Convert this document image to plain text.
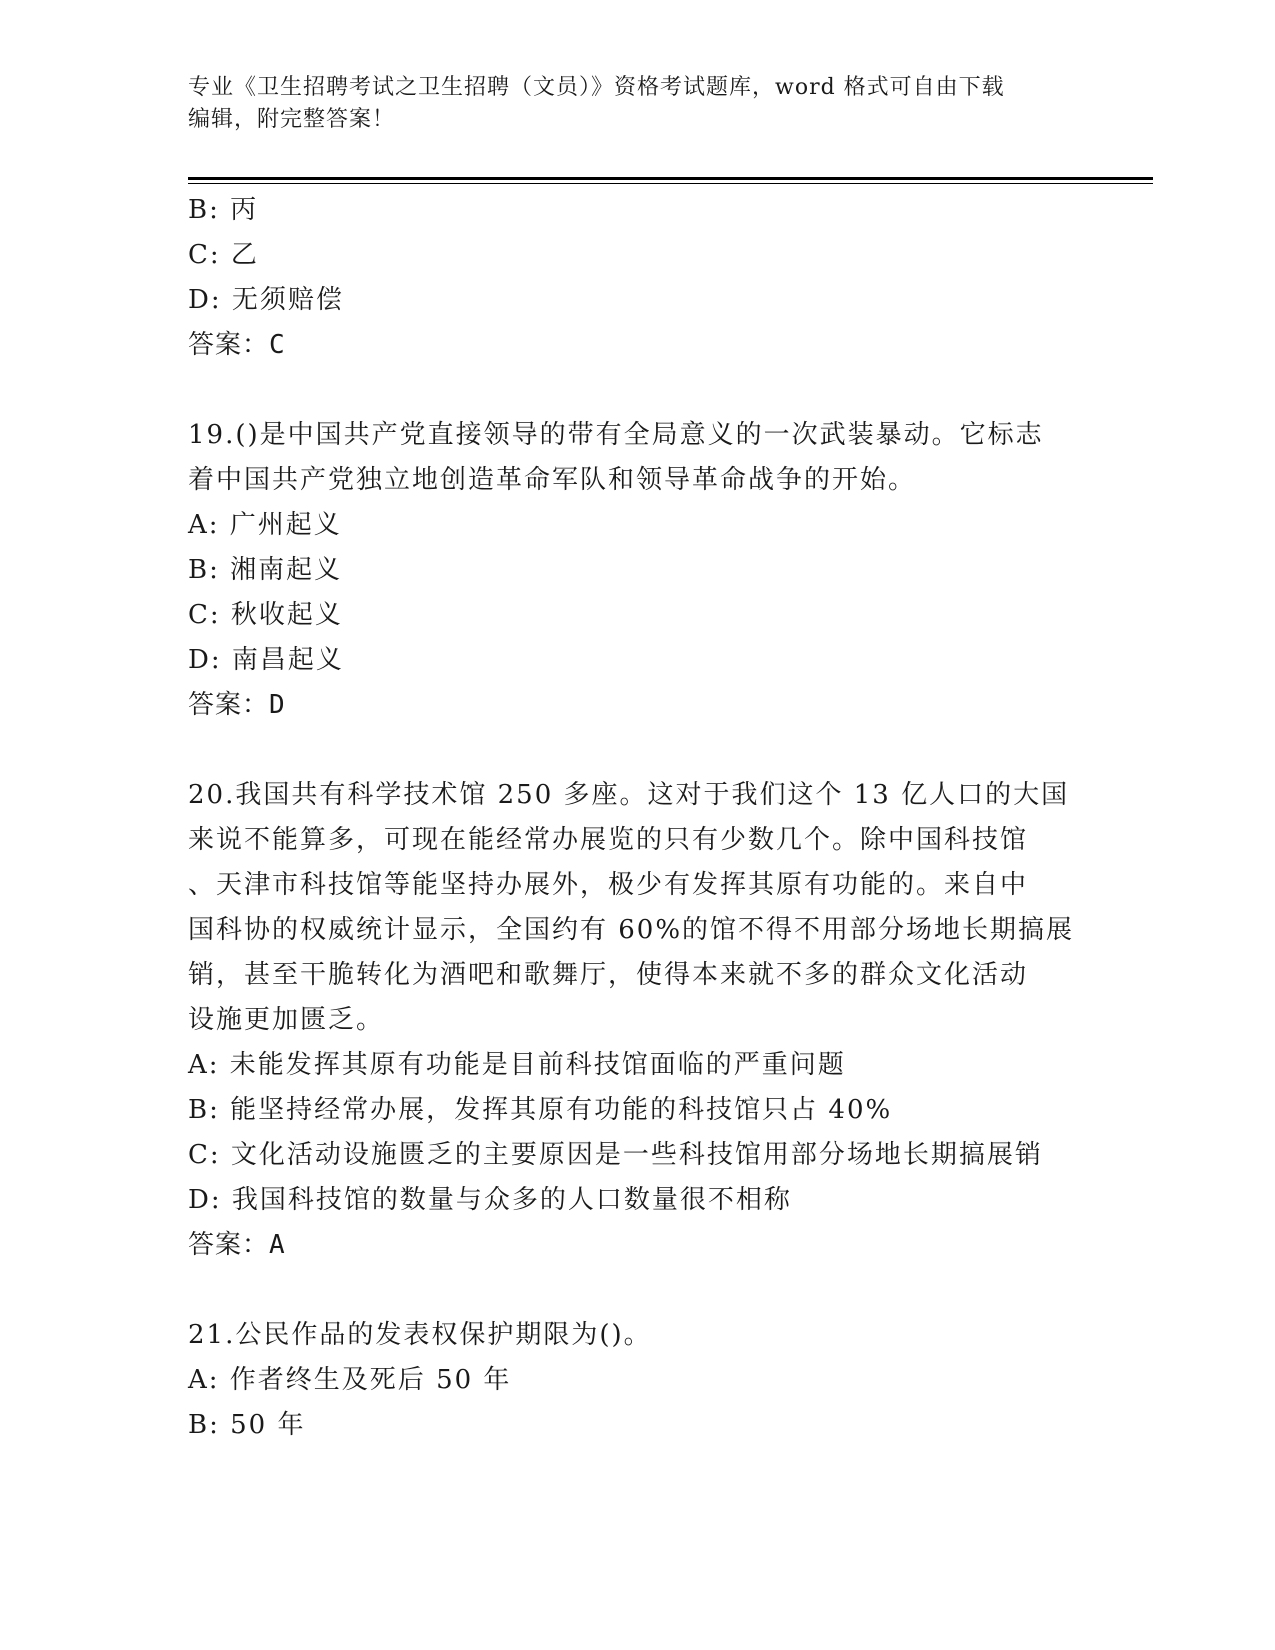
专业《卫生招聘考试之卫生招聘（文员）》资格考试题库，word 格式可自由下载
编辑，附完整答案！
B: 丙
C: 乙
D: 无须赔偿
答案：C
19.()是中国共产党直接领导的带有全局意义的一次武装暴动。它标志
着中国共产党独立地创造革命军队和领导革命战争的开始。
A: 广州起义
B: 湘南起义
C: 秋收起义
D: 南昌起义
答案：D
20.我国共有科学技术馆 250 多座。这对于我们这个 13 亿人口的大国
来说不能算多，可现在能经常办展览的只有少数几个。除中国科技馆
、天津市科技馆等能坚持办展外，极少有发挥其原有功能的。来自中
国科协的权威统计显示，全国约有 60%的馆不得不用部分场地长期搞展
销，甚至干脆转化为酒吧和歌舞厅，使得本来就不多的群众文化活动
设施更加匮乏。
A: 未能发挥其原有功能是目前科技馆面临的严重问题
B: 能坚持经常办展，发挥其原有功能的科技馆只占 40%
C: 文化活动设施匮乏的主要原因是一些科技馆用部分场地长期搞展销
D: 我国科技馆的数量与众多的人口数量很不相称
答案：A
21.公民作品的发表权保护期限为()。
A: 作者终生及死后 50 年
B: 50 年
